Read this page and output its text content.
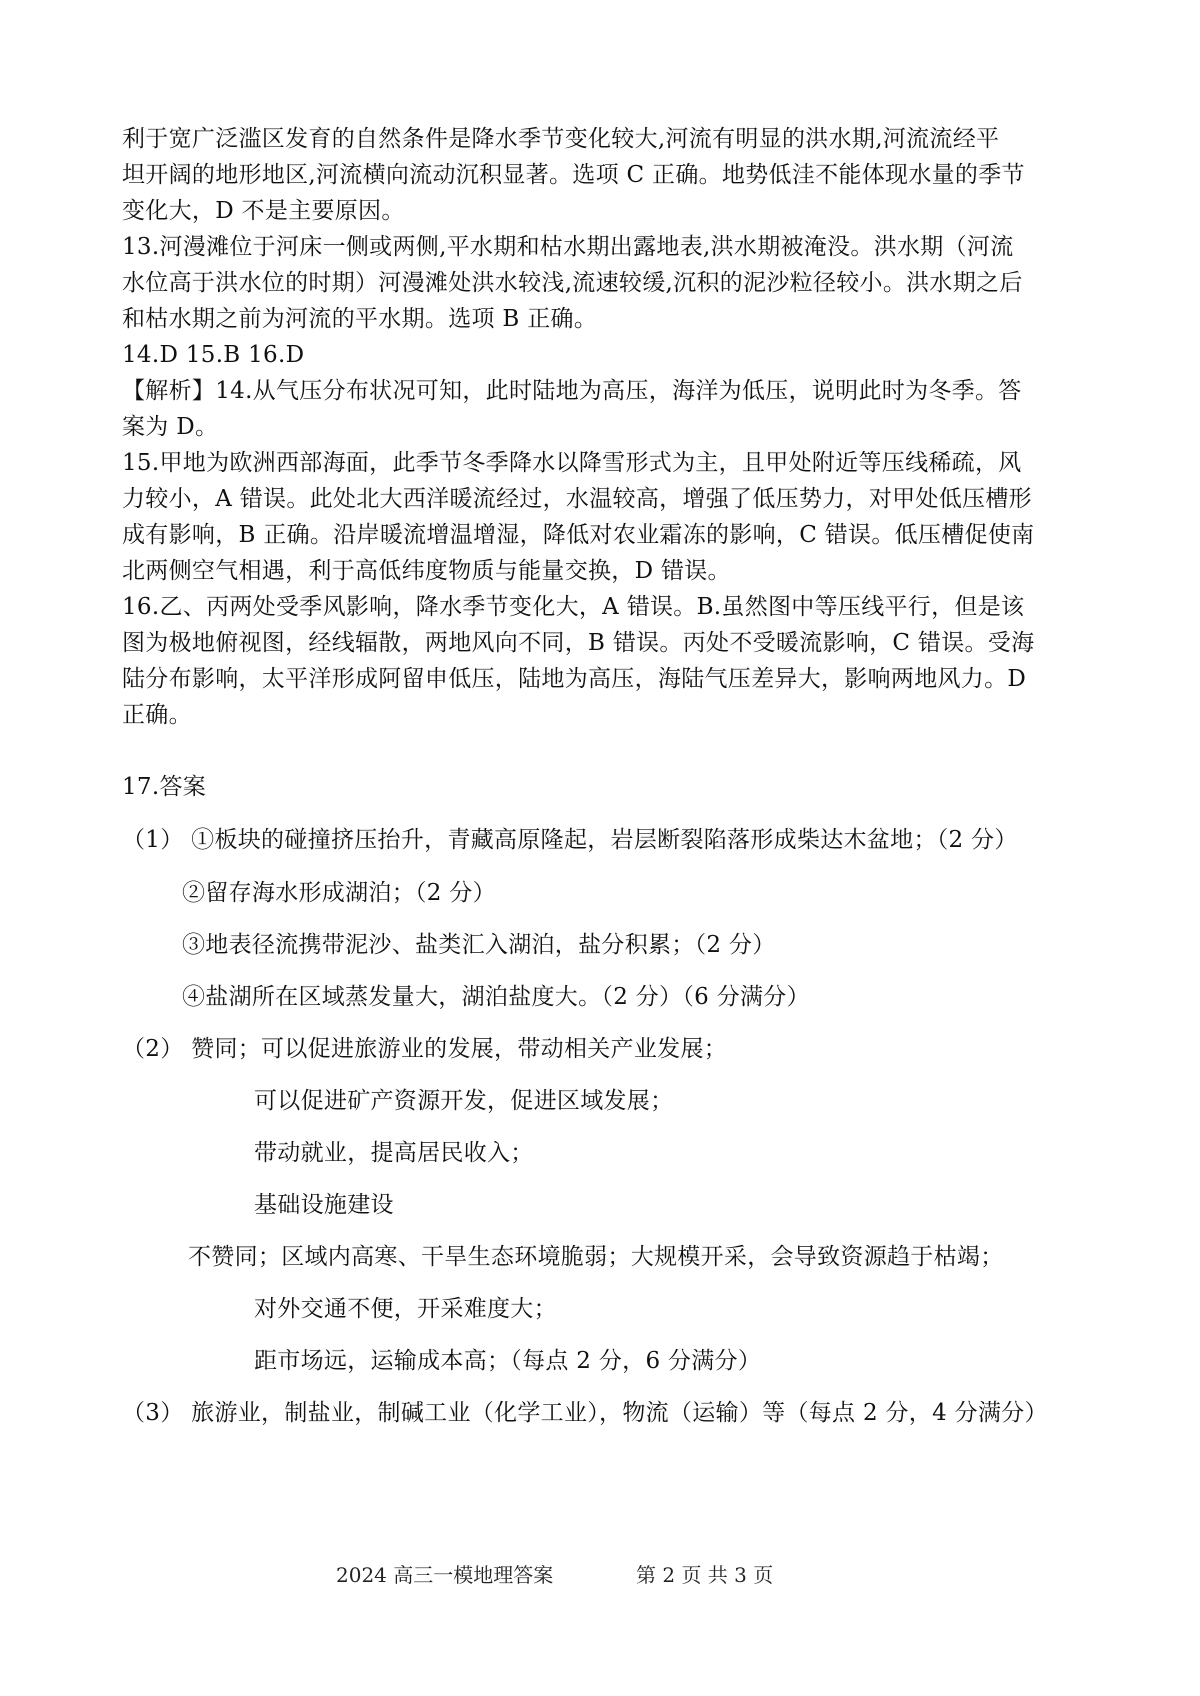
利于宽广泛滥区发育的自然条件是降水季节变化较大,河流有明显的洪水期,河流流经平
坦开阔的地形地区,河流横向流动沉积显著。选项 C 正确。地势低洼不能体现水量的季节
变化大，D 不是主要原因。
13.河漫滩位于河床一侧或两侧,平水期和枯水期出露地表,洪水期被淹没。洪水期（河流
水位高于洪水位的时期）河漫滩处洪水较浅,流速较缓,沉积的泥沙粒径较小。洪水期之后
和枯水期之前为河流的平水期。选项 B 正确。
14.D 15.B 16.D
【解析】14.从气压分布状况可知，此时陆地为高压，海洋为低压，说明此时为冬季。答
案为 D。
15.甲地为欧洲西部海面，此季节冬季降水以降雪形式为主，且甲处附近等压线稀疏，风
力较小，A 错误。此处北大西洋暖流经过，水温较高，增强了低压势力，对甲处低压槽形
成有影响，B 正确。沿岸暖流增温增湿，降低对农业霜冻的影响，C 错误。低压槽促使南
北两侧空气相遇，利于高低纬度物质与能量交换，D 错误。
16.乙、丙两处受季风影响，降水季节变化大，A 错误。B.虽然图中等压线平行，但是该
图为极地俯视图，经线辐散，两地风向不同，B 错误。丙处不受暖流影响，C 错误。受海
陆分布影响，太平洋形成阿留申低压，陆地为高压，海陆气压差异大，影响两地风力。D
正确。
17.答案
（1） ①板块的碰撞挤压抬升，青藏高原隆起，岩层断裂陷落形成柴达木盆地；（2 分）
②留存海水形成湖泊；（2 分）
③地表径流携带泥沙、盐类汇入湖泊，盐分积累；（2 分）
④盐湖所在区域蒸发量大，湖泊盐度大。（2 分）（6 分满分）
（2） 赞同；可以促进旅游业的发展，带动相关产业发展；
可以促进矿产资源开发，促进区域发展；
带动就业，提高居民收入；
基础设施建设
不赞同；区域内高寒、干旱生态环境脆弱；大规模开采，会导致资源趋于枯竭；
对外交通不便，开采难度大；
距市场远，运输成本高；（每点 2 分，6 分满分）
（3） 旅游业，制盐业，制碱工业（化学工业），物流（运输）等（每点 2 分，4 分满分）
2024 高三一模地理答案	第 2 页 共 3 页
